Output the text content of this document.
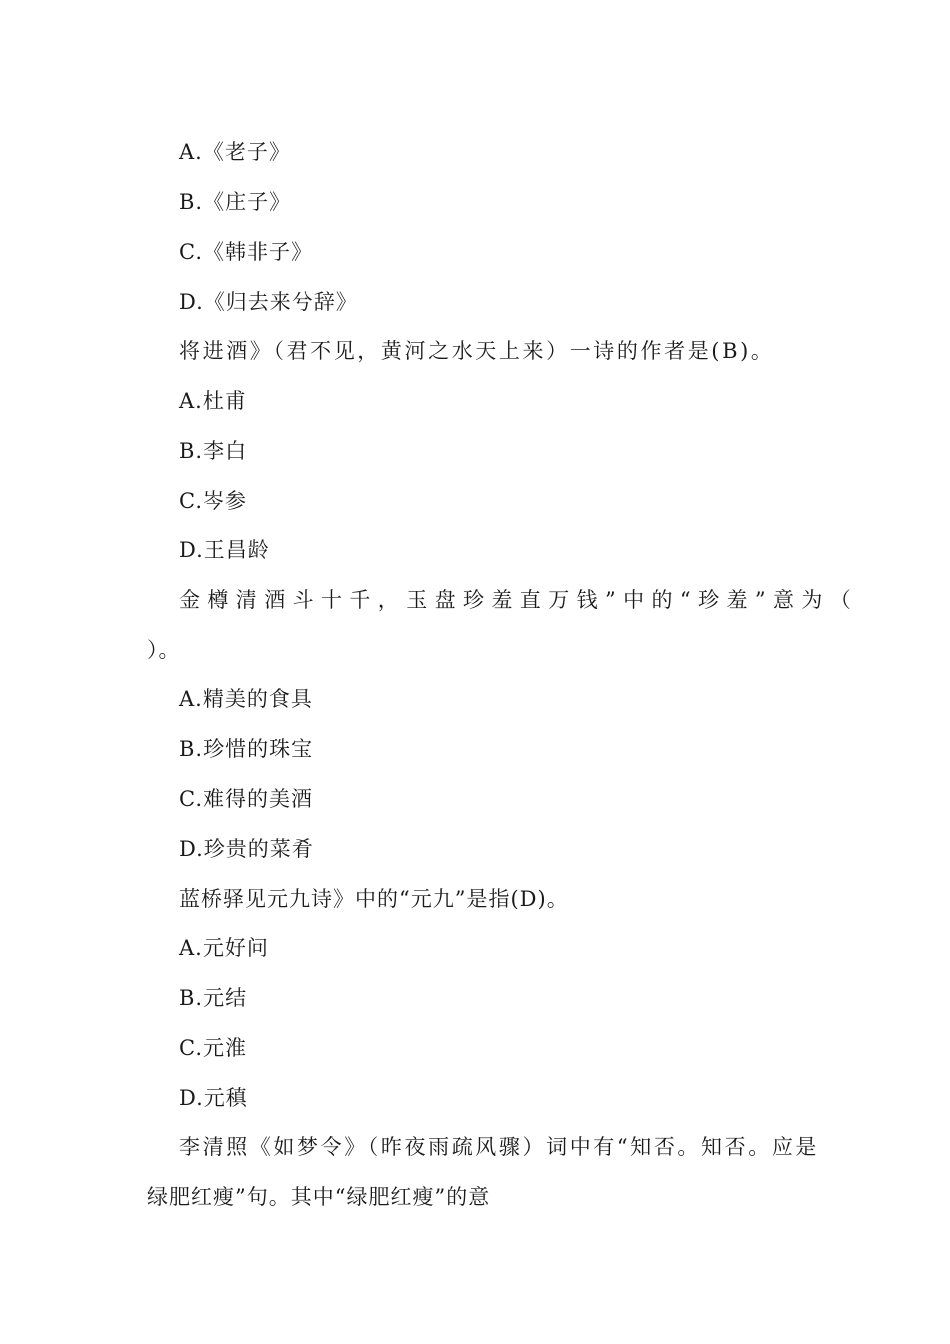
A.《老子》
B.《庄子》
C.《韩非子》
D.《归去来兮辞》
将进酒》（君不见，黄河之水天上来）一诗的作者是(B)。
A.杜甫
B.李白
C.岑参
D.王昌龄
金樽清酒斗十千，玉盘珍羞直万钱”中的“珍羞”意为（
）。
A.精美的食具
B.珍惜的珠宝
C.难得的美酒
D.珍贵的菜肴
蓝桥驿见元九诗》中的“元九”是指(D)。
A.元好问
B.元结
C.元淮
D.元稹
李清照《如梦令》（昨夜雨疏风骤）词中有“知否。知否。应是
绿肥红瘦”句。其中“绿肥红瘦”的意
